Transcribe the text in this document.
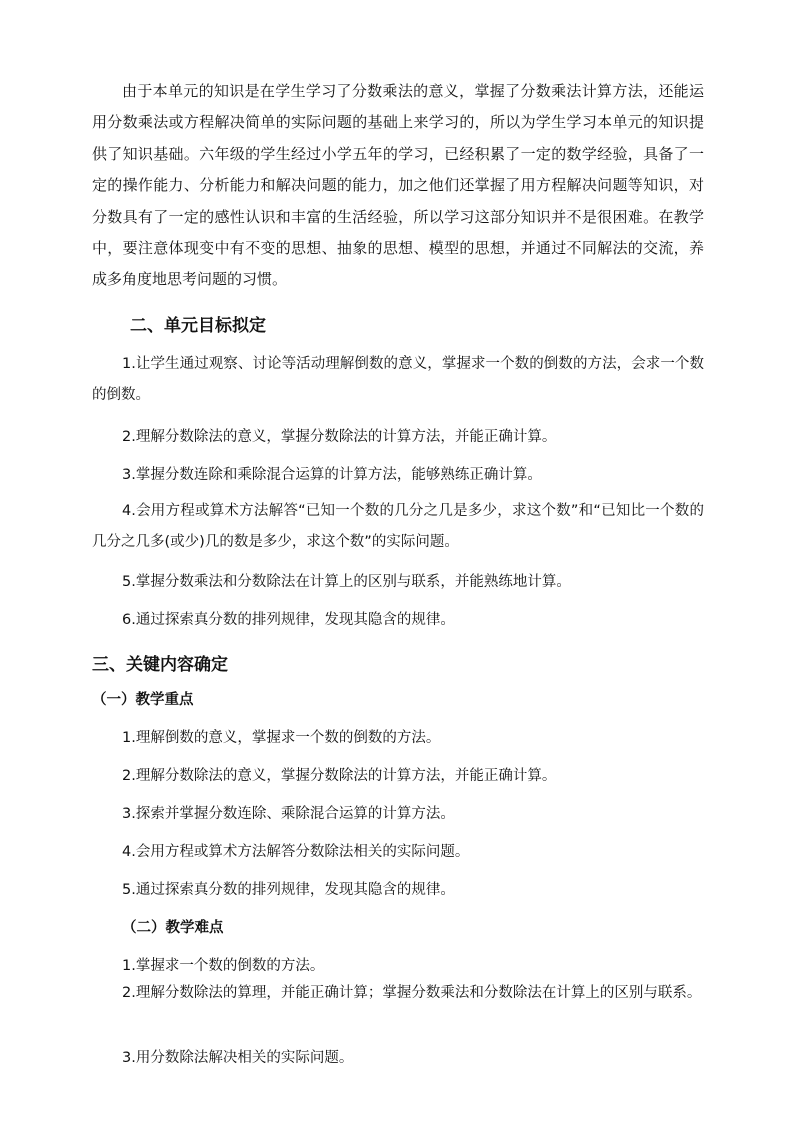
由于本单元的知识是在学生学习了分数乘法的意义，掌握了分数乘法计算方法，还能运用分数乘法或方程解决简单的实际问题的基础上来学习的，所以为学生学习本单元的知识提供了知识基础。六年级的学生经过小学五年的学习，已经积累了一定的数学经验，具备了一定的操作能力、分析能力和解决问题的能力，加之他们还掌握了用方程解决问题等知识，对分数具有了一定的感性认识和丰富的生活经验，所以学习这部分知识并不是很困难。在教学中，要注意体现变中有不变的思想、抽象的思想、模型的思想，并通过不同解法的交流，养成多角度地思考问题的习惯。

二、单元目标拟定

1.让学生通过观察、讨论等活动理解倒数的意义，掌握求一个数的倒数的方法，会求一个数的倒数。

2.理解分数除法的意义，掌握分数除法的计算方法，并能正确计算。

3.掌握分数连除和乘除混合运算的计算方法，能够熟练正确计算。

4.会用方程或算术方法解答“已知一个数的几分之几是多少，求这个数”和“已知比一个数的几分之几多(或少)几的数是多少，求这个数”的实际问题。

5.掌握分数乘法和分数除法在计算上的区别与联系，并能熟练地计算。

6.通过探索真分数的排列规律，发现其隐含的规律。

三、关键内容确定
（一）教学重点

1.理解倒数的意义，掌握求一个数的倒数的方法。

2.理解分数除法的意义，掌握分数除法的计算方法，并能正确计算。

3.探索并掌握分数连除、乘除混合运算的计算方法。

4.会用方程或算术方法解答分数除法相关的实际问题。

5.通过探索真分数的排列规律，发现其隐含的规律。

（二）教学难点

1.掌握求一个数的倒数的方法。

2.理解分数除法的算理，并能正确计算；掌握分数乘法和分数除法在计算上的区别与联系。

3.用分数除法解决相关的实际问题。
